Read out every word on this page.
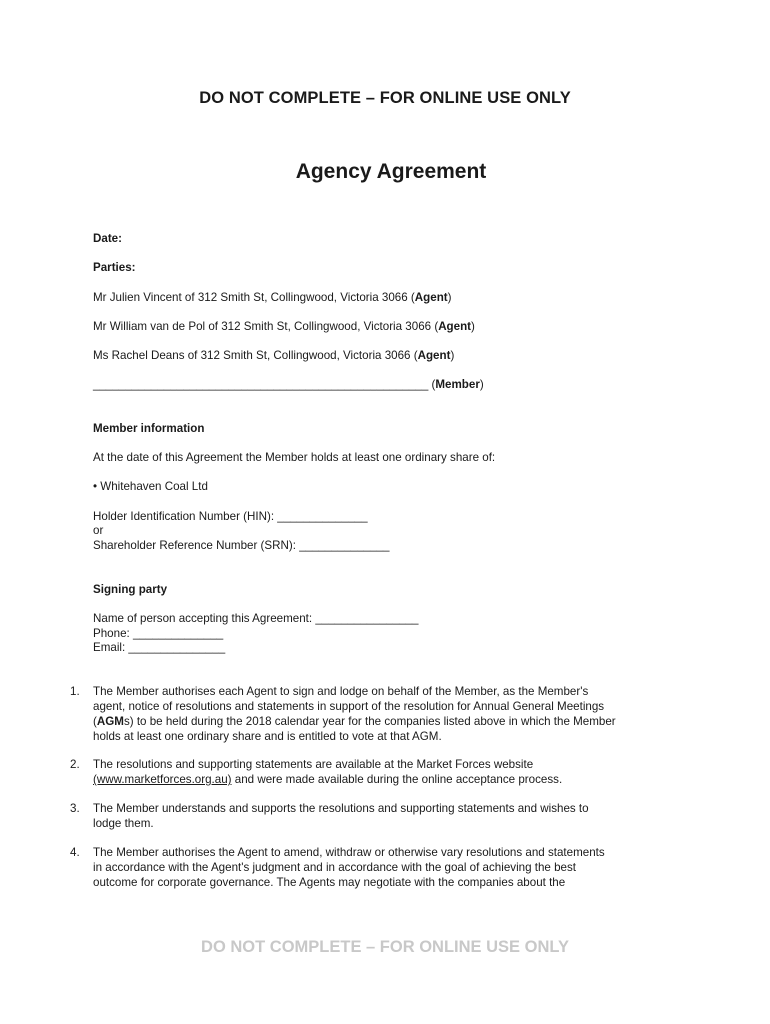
DO NOT COMPLETE – FOR ONLINE USE ONLY
Agency Agreement
Date:
Parties:
Mr Julien Vincent of 312 Smith St, Collingwood, Victoria 3066 (Agent)
Mr William van de Pol of 312 Smith St, Collingwood, Victoria 3066 (Agent)
Ms Rachel Deans of 312 Smith St, Collingwood, Victoria 3066 (Agent)
____________________________________________________ (Member)
Member information
At the date of this Agreement the Member holds at least one ordinary share of:
• Whitehaven Coal Ltd
Holder Identification Number (HIN): ______________
or
Shareholder Reference Number (SRN): ______________
Signing party
Name of person accepting this Agreement: ________________
Phone: ______________
Email: _______________
1.	The Member authorises each Agent to sign and lodge on behalf of the Member, as the Member's
agent, notice of resolutions and statements in support of the resolution for Annual General Meetings
(AGMs) to be held during the 2018 calendar year for the companies listed above in which the Member
holds at least one ordinary share and is entitled to vote at that AGM.
2.	The resolutions and supporting statements are available at the Market Forces website
(www.marketforces.org.au) and were made available during the online acceptance process.
3.	The Member understands and supports the resolutions and supporting statements and wishes to
lodge them.
4.	The Member authorises the Agent to amend, withdraw or otherwise vary resolutions and statements
in accordance with the Agent's judgment and in accordance with the goal of achieving the best
outcome for corporate governance. The Agents may negotiate with the companies about the
DO NOT COMPLETE – FOR ONLINE USE ONLY
